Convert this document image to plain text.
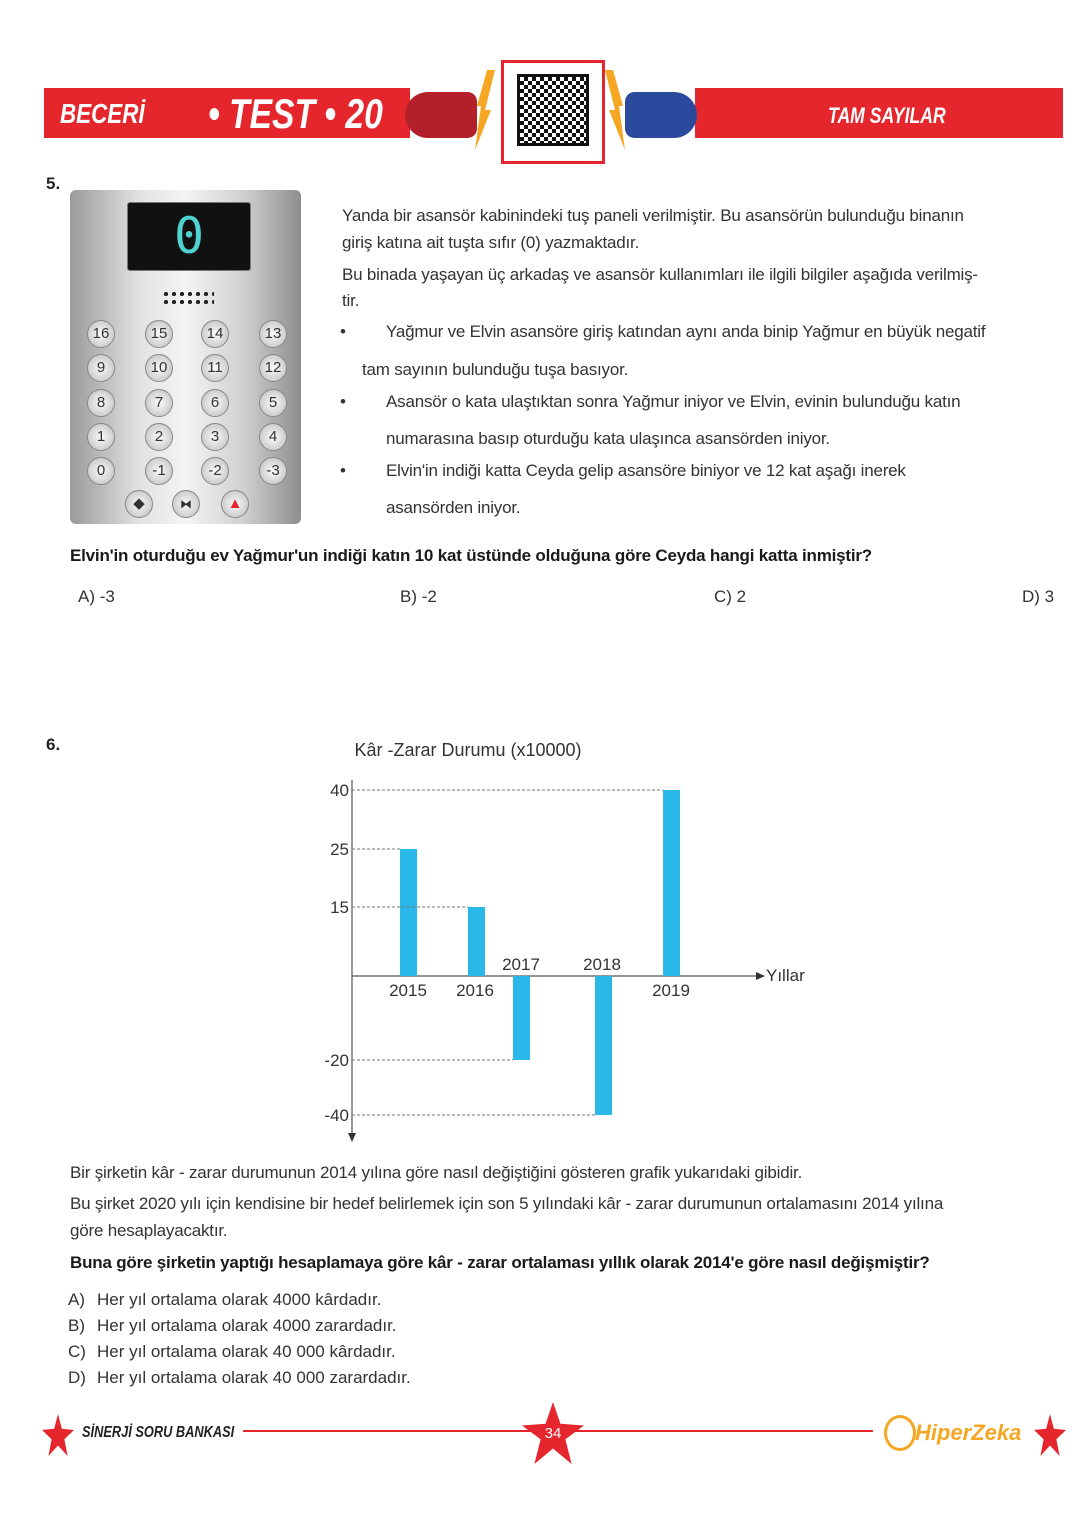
BECERİ • TEST • 20	TAM SAYILAR
5.
0
16	15	14	13
9	10	11	12
8	7	6	5
1	2	3	4
0	-1	-2	-3
◆	⧓	▲
Yanda bir asansör kabinindeki tuş paneli verilmiştir. Bu asansörün bulunduğu binanın
giriş katına ait tuşta sıfır (0) yazmaktadır.
Bu binada yaşayan üç arkadaş ve asansör kullanımları ile ilgili bilgiler aşağıda verilmiş-
tir.
• Yağmur ve Elvin asansöre giriş katından aynı anda binip Yağmur en büyük negatif
tam sayının bulunduğu tuşa basıyor.
• Asansör o kata ulaştıktan sonra Yağmur iniyor ve Elvin, evinin bulunduğu katın
numarasına basıp oturduğu kata ulaşınca asansörden iniyor.
• Elvin'in indiği katta Ceyda gelip asansöre biniyor ve 12 kat aşağı inerek
asansörden iniyor.
Elvin'in oturduğu ev Yağmur'un indiği katın 10 kat üstünde olduğuna göre Ceyda hangi katta inmiştir?
A) -3	B) -2	C) 2	D) 3
6.
2015 2016
2017	2018
2019
40
25
15
-20
-40
Kâr -Zarar Durumu (x10000)
Yıllar
Bir şirketin kâr - zarar durumunun 2014 yılına göre nasıl değiştiğini gösteren grafik yukarıdaki gibidir.
Bu şirket 2020 yılı için kendisine bir hedef belirlemek için son 5 yılındaki kâr - zarar durumunun ortalamasını 2014 yılına
göre hesaplayacaktır.
Buna göre şirketin yaptığı hesaplamaya göre kâr - zarar ortalaması yıllık olarak 2014'e göre nasıl değişmiştir?
A) Her yıl ortalama olarak 4000 kârdadır.
B) Her yıl ortalama olarak 4000 zarardadır.
C) Her yıl ortalama olarak 40 000 kârdadır.
D) Her yıl ortalama olarak 40 000 zarardadır.
SİNERJİ SORU BANKASI	34	HiperZeka
